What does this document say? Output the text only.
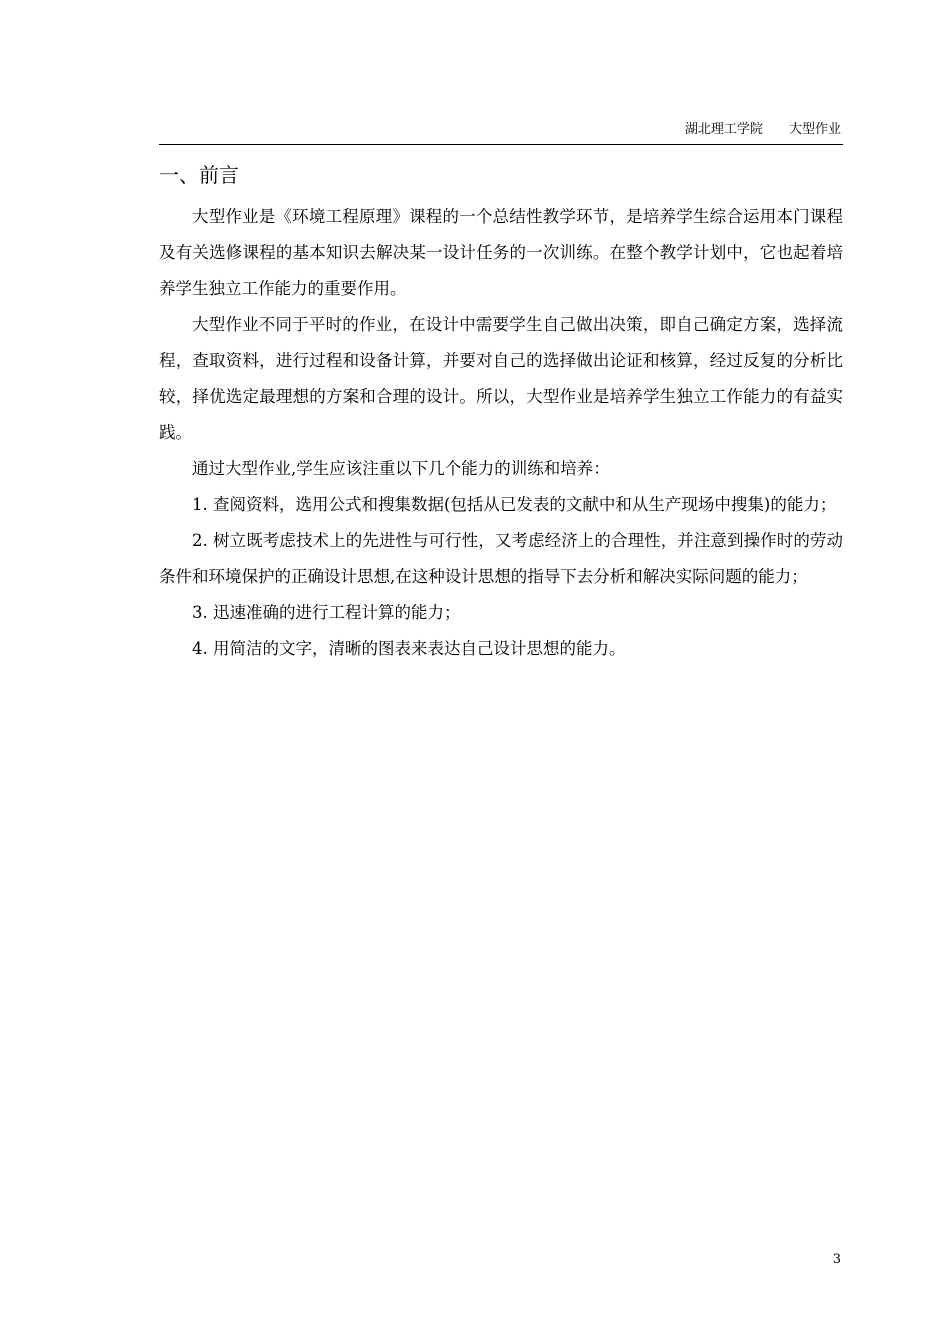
湖北理工学院 大型作业
一、前言

大型作业是《环境工程原理》课程的一个总结性教学环节，是培养学生综合运用本门课程及有关选修课程的基本知识去解决某一设计任务的一次训练。在整个教学计划中，它也起着培养学生独立工作能力的重要作用。

大型作业不同于平时的作业，在设计中需要学生自己做出决策，即自己确定方案，选择流程，查取资料，进行过程和设备计算，并要对自己的选择做出论证和核算，经过反复的分析比较，择优选定最理想的方案和合理的设计。所以，大型作业是培养学生独立工作能力的有益实践。

通过大型作业,学生应该注重以下几个能力的训练和培养：

1. 查阅资料，选用公式和搜集数据(包括从已发表的文献中和从生产现场中搜集)的能力；

2. 树立既考虑技术上的先进性与可行性，又考虑经济上的合理性，并注意到操作时的劳动条件和环境保护的正确设计思想,在这种设计思想的指导下去分析和解决实际问题的能力；

3. 迅速准确的进行工程计算的能力；

4. 用简洁的文字，清晰的图表来表达自己设计思想的能力。

3
